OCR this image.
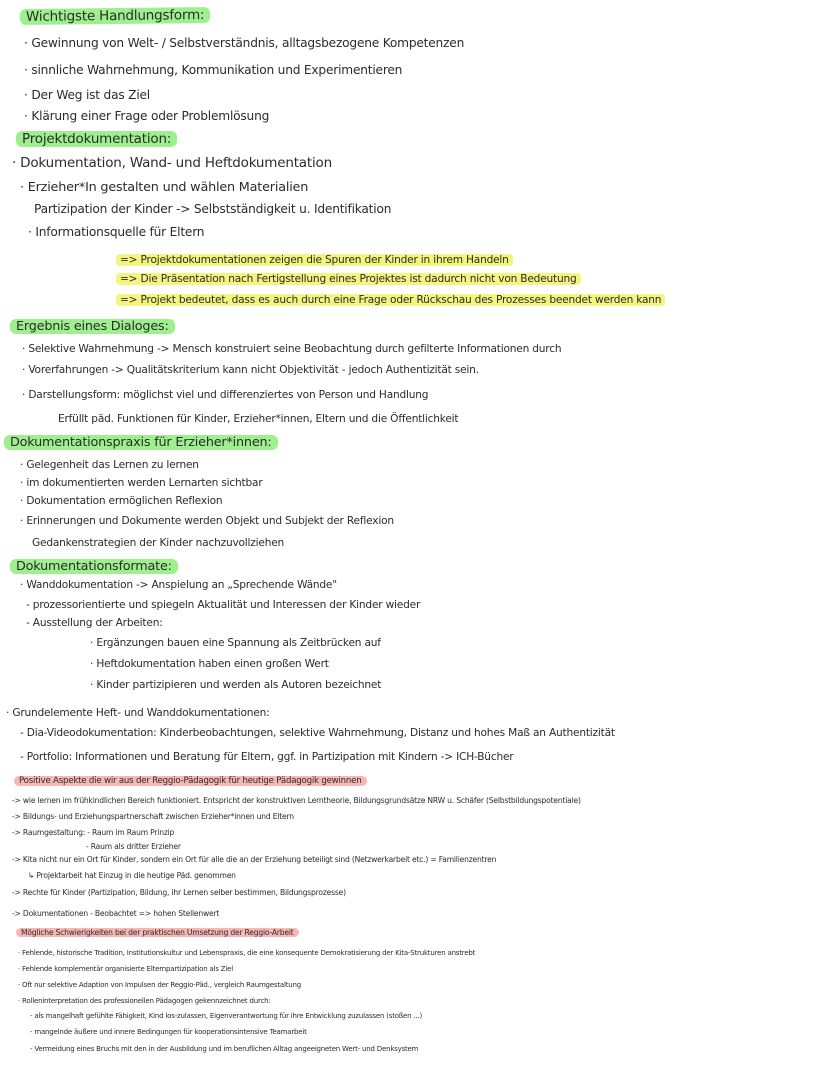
Wichtigste Handlungsform:
· Gewinnung von Welt- / Selbstverständnis, alltagsbezogene Kompetenzen
· sinnliche Wahrnehmung, Kommunikation und Experimentieren
· Der Weg ist das Ziel
· Klärung einer Frage oder Problemlösung
Projektdokumentation:
· Dokumentation, Wand- und Heftdokumentation
· Erzieher*In gestalten und wählen Materialien
Partizipation der Kinder -> Selbstständigkeit u. Identifikation
· Informationsquelle für Eltern
=> Projektdokumentationen zeigen die Spuren der Kinder in ihrem Handeln
=> Die Präsentation nach Fertigstellung eines Projektes ist dadurch nicht von Bedeutung
=> Projekt bedeutet, dass es auch durch eine Frage oder Rückschau des Prozesses beendet werden kann
Ergebnis eines Dialoges:
· Selektive Wahrnehmung -> Mensch konstruiert seine Beobachtung durch gefilterte Informationen durch
· Vorerfahrungen -> Qualitätskriterium kann nicht Objektivität - jedoch Authentizität sein.
· Darstellungsform: möglichst viel und differenziertes von Person und Handlung
Erfüllt päd. Funktionen für Kinder, Erzieher*innen, Eltern und die Öffentlichkeit
Dokumentationspraxis für Erzieher*innen:
· Gelegenheit das Lernen zu lernen
· im dokumentierten werden Lernarten sichtbar
· Dokumentation ermöglichen Reflexion
· Erinnerungen und Dokumente werden Objekt und Subjekt der Reflexion
Gedankenstrategien der Kinder nachzuvollziehen
Dokumentationsformate:
· Wanddokumentation -> Anspielung an „Sprechende Wände"
- prozessorientierte und spiegeln Aktualität und Interessen der Kinder wieder
- Ausstellung der Arbeiten:
· Ergänzungen bauen eine Spannung als Zeitbrücken auf
· Heftdokumentation haben einen großen Wert
· Kinder partizipieren und werden als Autoren bezeichnet
· Grundelemente Heft- und Wanddokumentationen:
- Dia-Videodokumentation: Kinderbeobachtungen, selektive Wahrnehmung, Distanz und hohes Maß an Authentizität
- Portfolio: Informationen und Beratung für Eltern, ggf. in Partizipation mit Kindern -> ICH-Bücher
Positive Aspekte die wir aus der Reggio-Pädagogik für heutige Pädagogik gewinnen
-> wie lernen im frühkindlichen Bereich funktioniert. Entspricht der konstruktiven Lerntheorie, Bildungsgrundsätze NRW u. Schäfer (Selbstbildungspotentiale)
-> Bildungs- und Erziehungspartnerschaft zwischen Erzieher*innen und Eltern
-> Raumgestaltung: - Raum im Raum Prinzip
- Raum als dritter Erzieher
-> Kita nicht nur ein Ort für Kinder, sondern ein Ort für alle die an der Erziehung beteiligt sind (Netzwerkarbeit etc.) = Familienzentren
↳ Projektarbeit hat Einzug in die heutige Päd. genommen
-> Rechte für Kinder (Partizipation, Bildung, ihr Lernen selber bestimmen, Bildungsprozesse)
-> Dokumentationen - Beobachtet => hohen Stellenwert
Mögliche Schwierigkeiten bei der praktischen Umsetzung der Reggio-Arbeit
· Fehlende, historische Tradition, Institutionskultur und Lebenspraxis, die eine konsequente Demokratisierung der Kita-Strukturen anstrebt
· Fehlende komplementär organisierte Elternpartizipation als Ziel
· Oft nur selektive Adaption von Impulsen der Reggio-Päd., vergleich Raumgestaltung
· Rolleninterpretation des professionellen Pädagogen gekennzeichnet durch:
- als mangelhaft gefühlte Fähigkeit, Kind los-zulassen, Eigenverantwortung für ihre Entwicklung zuzulassen (stoßen ...)
- mangelnde äußere und innere Bedingungen für kooperationsintensive Teamarbeit
- Vermeidung eines Bruchs mit den in der Ausbildung und im beruflichen Alltag angeeigneten Wert- und Denksystem
